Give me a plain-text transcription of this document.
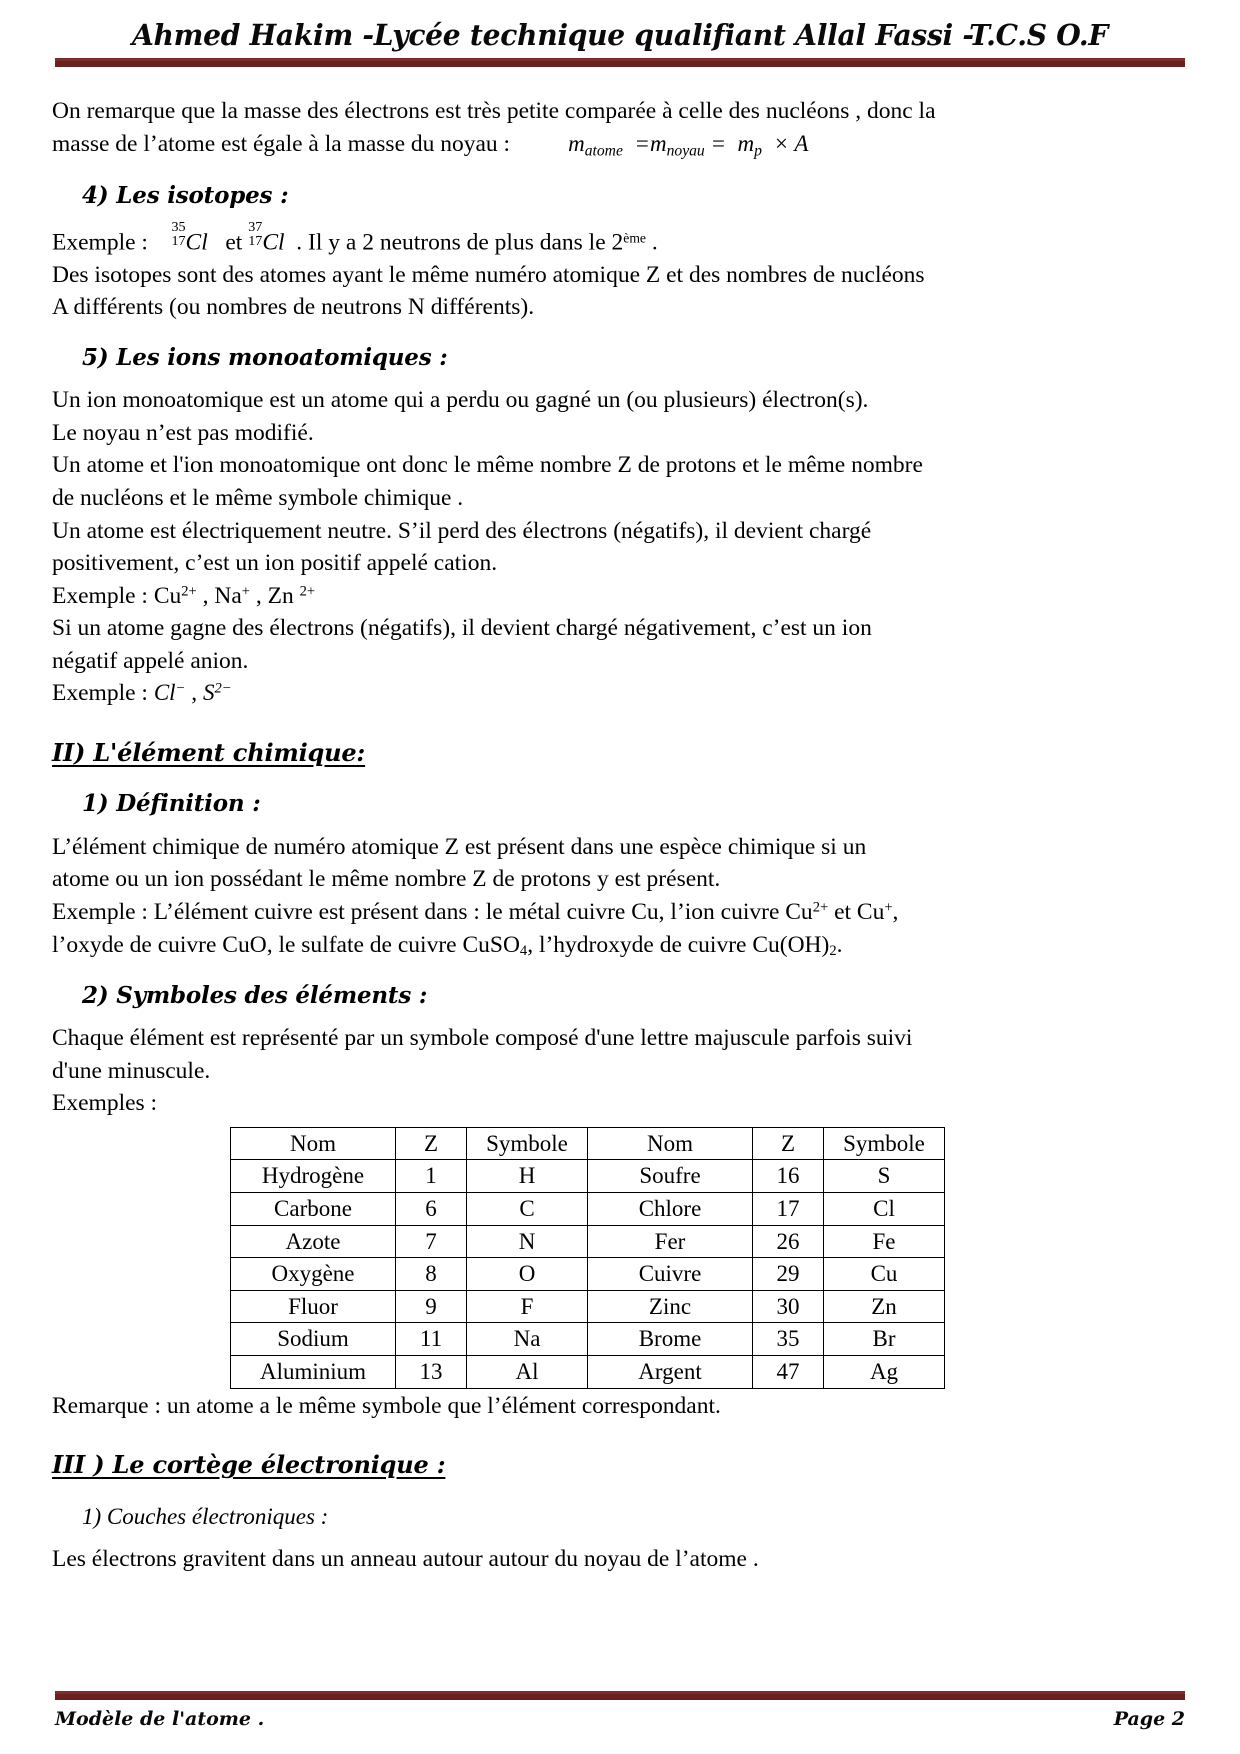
Ahmed Hakim -Lycée technique qualifiant Allal Fassi -T.C.S O.F

On remarque que la masse des électrons est très petite comparée à celle des nucléons , donc la

masse de l’atome est égale à la masse du noyau :	$m_{atome} =m_{noyau} = m_p \times A$

4) Les isotopes :

Exemple :
35
17 Cl et
37
17 Cl . Il y a 2 neutrons de plus dans le 2ème .

Des isotopes sont des atomes ayant le même numéro atomique Z et des nombres de nucléons

A différents (ou nombres de neutrons N différents).

5) Les ions monoatomiques :

Un ion monoatomique est un atome qui a perdu ou gagné un (ou plusieurs) électron(s).

Le noyau n’est pas modifié.

Un atome et l'ion monoatomique ont donc le même nombre Z de protons et le même nombre

de nucléons et le même symbole chimique .

Un atome est électriquement neutre. S’il perd des électrons (négatifs), il devient chargé

positivement, c’est un ion positif appelé cation.

Exemple : $Cu^{2+}$ , Na+ , Zn $^{2+}$

Si un atome gagne des électrons (négatifs), il devient chargé négativement, c’est un ion

négatif appelé anion.

Exemple : Cl− , $S^{2-}$

II) L'élément chimique:

1) Définition :

L’élément chimique de numéro atomique Z est présent dans une espèce chimique si un

atome ou un ion possédant le même nombre Z de protons y est présent.

Exemple : L’élément cuivre est présent dans : le métal cuivre Cu, l’ion cuivre $Cu^{2+}$ et Cu+,

l’oxyde de cuivre CuO, le sulfate de cuivre CuSO$_4$, l’hydroxyde de cuivre $Cu(OH)_2$.

2) Symboles des éléments :

Chaque élément est représenté par un symbole composé d'une lettre majuscule parfois suivi

d'une minuscule.

Exemples :

Nom	Z	Symbole	Nom	Z	Symbole
Hydrogène	1	H	Soufre	16	S
Carbone	6	C	Chlore	17	Cl
Azote	7	N	Fer	26	Fe
Oxygène	8	O	Cuivre	29	Cu
Fluor	9	F	Zinc	30	Zn
Sodium	11	Na	Brome	35	Br
Aluminium	13	Al	Argent	47	Ag

Remarque : un atome a le même symbole que l’élément correspondant.

III ) Le cortège électronique :

1) Couches électroniques :

Les électrons gravitent dans un anneau autour autour du noyau de l’atome .

Modèle de l'atome .	Page 2
